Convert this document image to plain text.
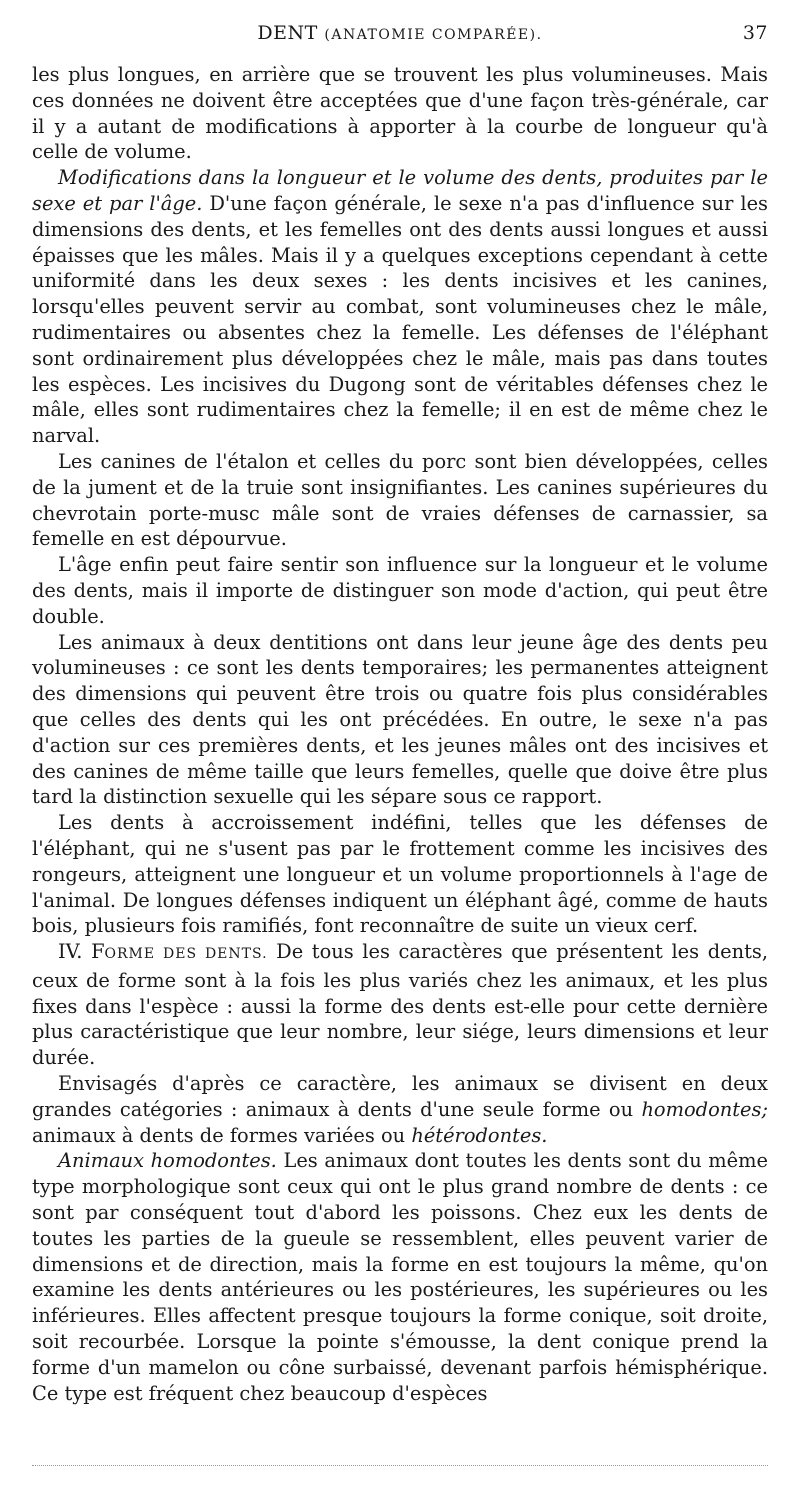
DENT (ANATOMIE COMPARÉE).	37

les plus longues, en arrière que se trouvent les plus volumineuses. Mais ces données ne doivent être acceptées que d'une façon très-générale, car il y a autant de modifications à apporter à la courbe de longueur qu'à celle de volume.

Modifications dans la longueur et le volume des dents, produites par le sexe et par l'âge. D'une façon générale, le sexe n'a pas d'influence sur les dimensions des dents, et les femelles ont des dents aussi longues et aussi épaisses que les mâles. Mais il y a quelques exceptions cependant à cette uniformité dans les deux sexes : les dents incisives et les canines, lorsqu'elles peuvent servir au combat, sont volumineuses chez le mâle, rudimentaires ou absentes chez la femelle. Les défenses de l'éléphant sont ordinairement plus développées chez le mâle, mais pas dans toutes les espèces. Les incisives du Dugong sont de véritables défenses chez le mâle, elles sont rudimentaires chez la femelle; il en est de même chez le narval.

Les canines de l'étalon et celles du porc sont bien développées, celles de la jument et de la truie sont insignifiantes. Les canines supérieures du chevrotain porte-musc mâle sont de vraies défenses de carnassier, sa femelle en est dépourvue.

L'âge enfin peut faire sentir son influence sur la longueur et le volume des dents, mais il importe de distinguer son mode d'action, qui peut être double.

Les animaux à deux dentitions ont dans leur jeune âge des dents peu volumineuses : ce sont les dents temporaires; les permanentes atteignent des dimensions qui peuvent être trois ou quatre fois plus considérables que celles des dents qui les ont précédées. En outre, le sexe n'a pas d'action sur ces premières dents, et les jeunes mâles ont des incisives et des canines de même taille que leurs femelles, quelle que doive être plus tard la distinction sexuelle qui les sépare sous ce rapport.

Les dents à accroissement indéfini, telles que les défenses de l'éléphant, qui ne s'usent pas par le frottement comme les incisives des rongeurs, atteignent une longueur et un volume proportionnels à l'age de l'animal. De longues défenses indiquent un éléphant âgé, comme de hauts bois, plusieurs fois ramifiés, font reconnaître de suite un vieux cerf.

IV. FORME DES DENTS. De tous les caractères que présentent les dents, ceux de forme sont à la fois les plus variés chez les animaux, et les plus fixes dans l'espèce : aussi la forme des dents est-elle pour cette dernière plus caractéristique que leur nombre, leur siége, leurs dimensions et leur durée.

Envisagés d'après ce caractère, les animaux se divisent en deux grandes catégories : animaux à dents d'une seule forme ou homodontes; animaux à dents de formes variées ou hétérodontes.

Animaux homodontes. Les animaux dont toutes les dents sont du même type morphologique sont ceux qui ont le plus grand nombre de dents : ce sont par conséquent tout d'abord les poissons. Chez eux les dents de toutes les parties de la gueule se ressemblent, elles peuvent varier de dimensions et de direction, mais la forme en est toujours la même, qu'on examine les dents antérieures ou les postérieures, les supérieures ou les inférieures. Elles affectent presque toujours la forme conique, soit droite, soit recourbée. Lorsque la pointe s'émousse, la dent conique prend la forme d'un mamelon ou cône surbaissé, devenant parfois hémisphérique. Ce type est fréquent chez beaucoup d'espèces
